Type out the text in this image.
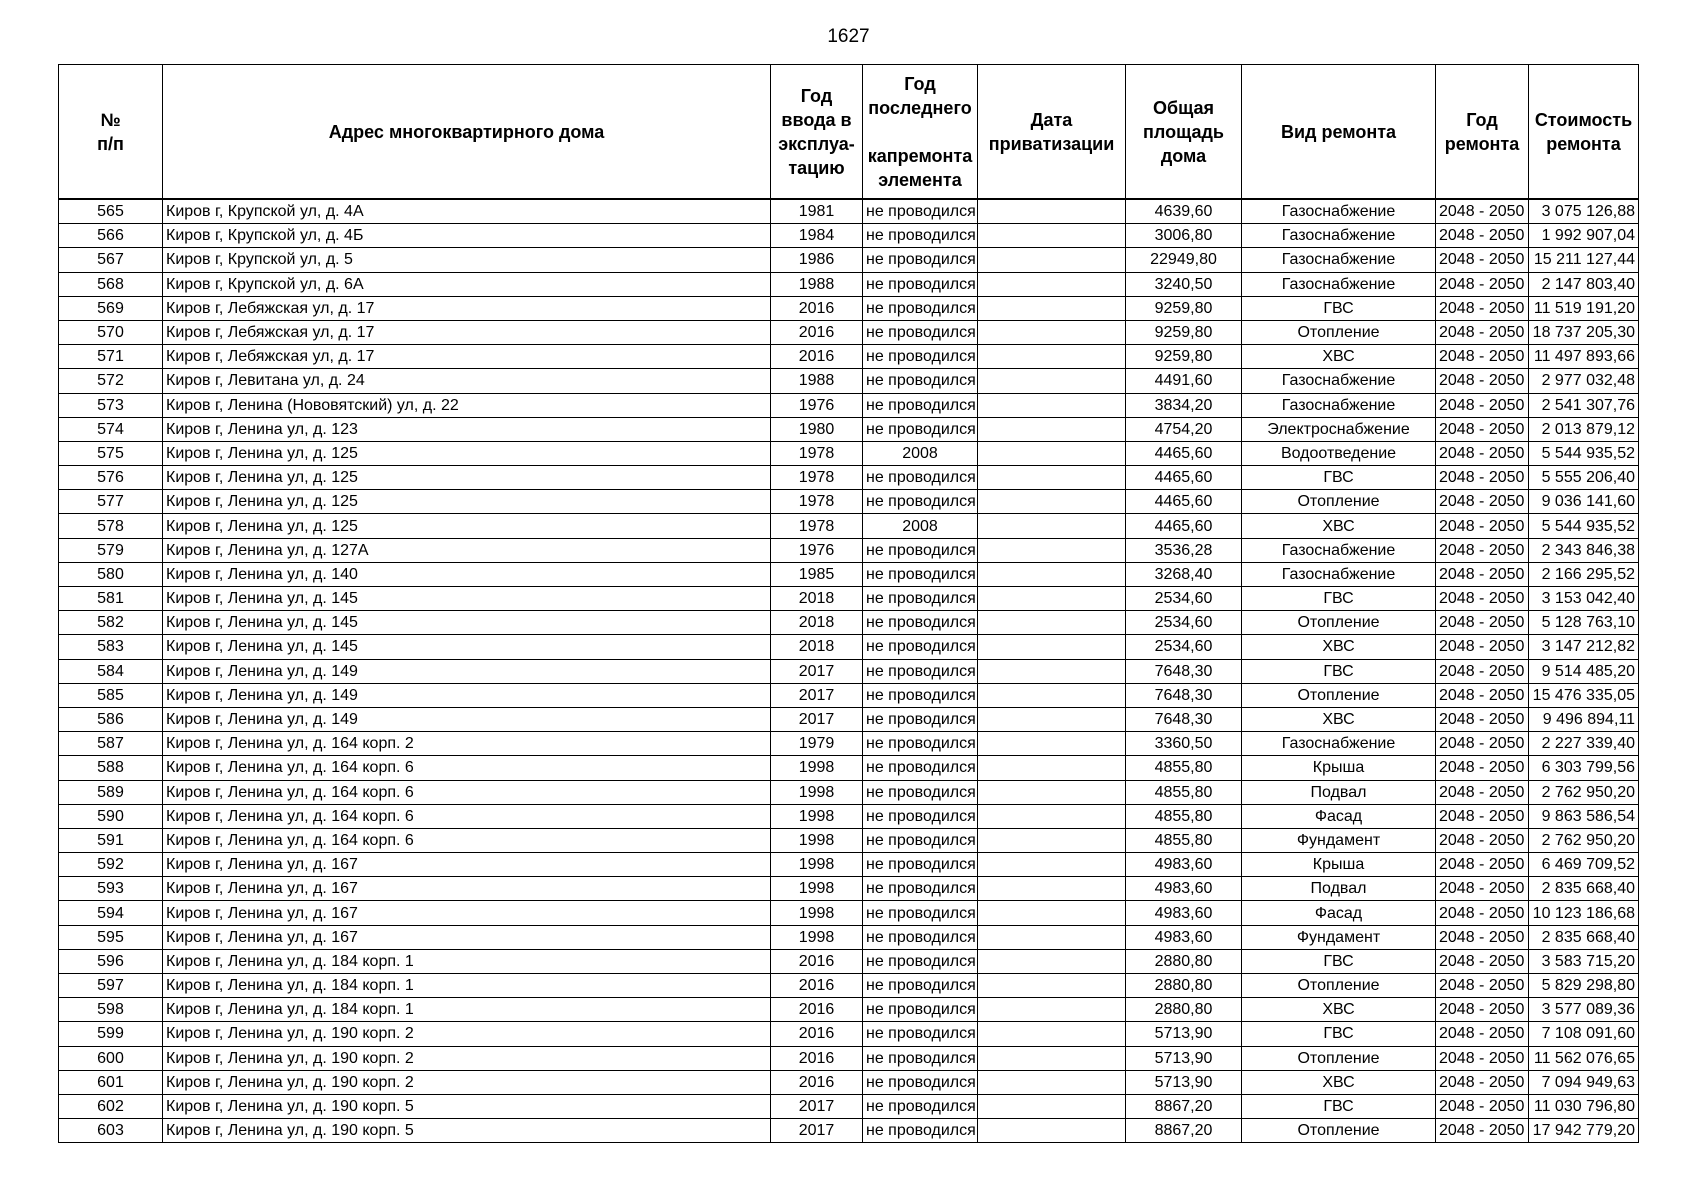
1627
№
п/п	Адрес многоквартирного дома	Год
ввода в
эксплуа-
тацию	Год
последнего

капремонта
элемента	Дата
приватизации	Общая
площадь
дома	Вид ремонта	Год
ремонта	Стоимость
ремонта
565	Киров г, Крупской ул, д. 4А	1981	не проводился		4639,60	Газоснабжение	2048 - 2050	3 075 126,88
566	Киров г, Крупской ул, д. 4Б	1984	не проводился		3006,80	Газоснабжение	2048 - 2050	1 992 907,04
567	Киров г, Крупской ул, д. 5	1986	не проводился		22949,80	Газоснабжение	2048 - 2050	15 211 127,44
568	Киров г, Крупской ул, д. 6А	1988	не проводился		3240,50	Газоснабжение	2048 - 2050	2 147 803,40
569	Киров г, Лебяжская ул, д. 17	2016	не проводился		9259,80	ГВС	2048 - 2050	11 519 191,20
570	Киров г, Лебяжская ул, д. 17	2016	не проводился		9259,80	Отопление	2048 - 2050	18 737 205,30
571	Киров г, Лебяжская ул, д. 17	2016	не проводился		9259,80	ХВС	2048 - 2050	11 497 893,66
572	Киров г, Левитана ул, д. 24	1988	не проводился		4491,60	Газоснабжение	2048 - 2050	2 977 032,48
573	Киров г, Ленина (Нововятский) ул, д. 22	1976	не проводился		3834,20	Газоснабжение	2048 - 2050	2 541 307,76
574	Киров г, Ленина ул, д. 123	1980	не проводился		4754,20	Электроснабжение	2048 - 2050	2 013 879,12
575	Киров г, Ленина ул, д. 125	1978	2008		4465,60	Водоотведение	2048 - 2050	5 544 935,52
576	Киров г, Ленина ул, д. 125	1978	не проводился		4465,60	ГВС	2048 - 2050	5 555 206,40
577	Киров г, Ленина ул, д. 125	1978	не проводился		4465,60	Отопление	2048 - 2050	9 036 141,60
578	Киров г, Ленина ул, д. 125	1978	2008		4465,60	ХВС	2048 - 2050	5 544 935,52
579	Киров г, Ленина ул, д. 127А	1976	не проводился		3536,28	Газоснабжение	2048 - 2050	2 343 846,38
580	Киров г, Ленина ул, д. 140	1985	не проводился		3268,40	Газоснабжение	2048 - 2050	2 166 295,52
581	Киров г, Ленина ул, д. 145	2018	не проводился		2534,60	ГВС	2048 - 2050	3 153 042,40
582	Киров г, Ленина ул, д. 145	2018	не проводился		2534,60	Отопление	2048 - 2050	5 128 763,10
583	Киров г, Ленина ул, д. 145	2018	не проводился		2534,60	ХВС	2048 - 2050	3 147 212,82
584	Киров г, Ленина ул, д. 149	2017	не проводился		7648,30	ГВС	2048 - 2050	9 514 485,20
585	Киров г, Ленина ул, д. 149	2017	не проводился		7648,30	Отопление	2048 - 2050	15 476 335,05
586	Киров г, Ленина ул, д. 149	2017	не проводился		7648,30	ХВС	2048 - 2050	9 496 894,11
587	Киров г, Ленина ул, д. 164 корп. 2	1979	не проводился		3360,50	Газоснабжение	2048 - 2050	2 227 339,40
588	Киров г, Ленина ул, д. 164 корп. 6	1998	не проводился		4855,80	Крыша	2048 - 2050	6 303 799,56
589	Киров г, Ленина ул, д. 164 корп. 6	1998	не проводился		4855,80	Подвал	2048 - 2050	2 762 950,20
590	Киров г, Ленина ул, д. 164 корп. 6	1998	не проводился		4855,80	Фасад	2048 - 2050	9 863 586,54
591	Киров г, Ленина ул, д. 164 корп. 6	1998	не проводился		4855,80	Фундамент	2048 - 2050	2 762 950,20
592	Киров г, Ленина ул, д. 167	1998	не проводился		4983,60	Крыша	2048 - 2050	6 469 709,52
593	Киров г, Ленина ул, д. 167	1998	не проводился		4983,60	Подвал	2048 - 2050	2 835 668,40
594	Киров г, Ленина ул, д. 167	1998	не проводился		4983,60	Фасад	2048 - 2050	10 123 186,68
595	Киров г, Ленина ул, д. 167	1998	не проводился		4983,60	Фундамент	2048 - 2050	2 835 668,40
596	Киров г, Ленина ул, д. 184 корп. 1	2016	не проводился		2880,80	ГВС	2048 - 2050	3 583 715,20
597	Киров г, Ленина ул, д. 184 корп. 1	2016	не проводился		2880,80	Отопление	2048 - 2050	5 829 298,80
598	Киров г, Ленина ул, д. 184 корп. 1	2016	не проводился		2880,80	ХВС	2048 - 2050	3 577 089,36
599	Киров г, Ленина ул, д. 190 корп. 2	2016	не проводился		5713,90	ГВС	2048 - 2050	7 108 091,60
600	Киров г, Ленина ул, д. 190 корп. 2	2016	не проводился		5713,90	Отопление	2048 - 2050	11 562 076,65
601	Киров г, Ленина ул, д. 190 корп. 2	2016	не проводился		5713,90	ХВС	2048 - 2050	7 094 949,63
602	Киров г, Ленина ул, д. 190 корп. 5	2017	не проводился		8867,20	ГВС	2048 - 2050	11 030 796,80
603	Киров г, Ленина ул, д. 190 корп. 5	2017	не проводился		8867,20	Отопление	2048 - 2050	17 942 779,20
